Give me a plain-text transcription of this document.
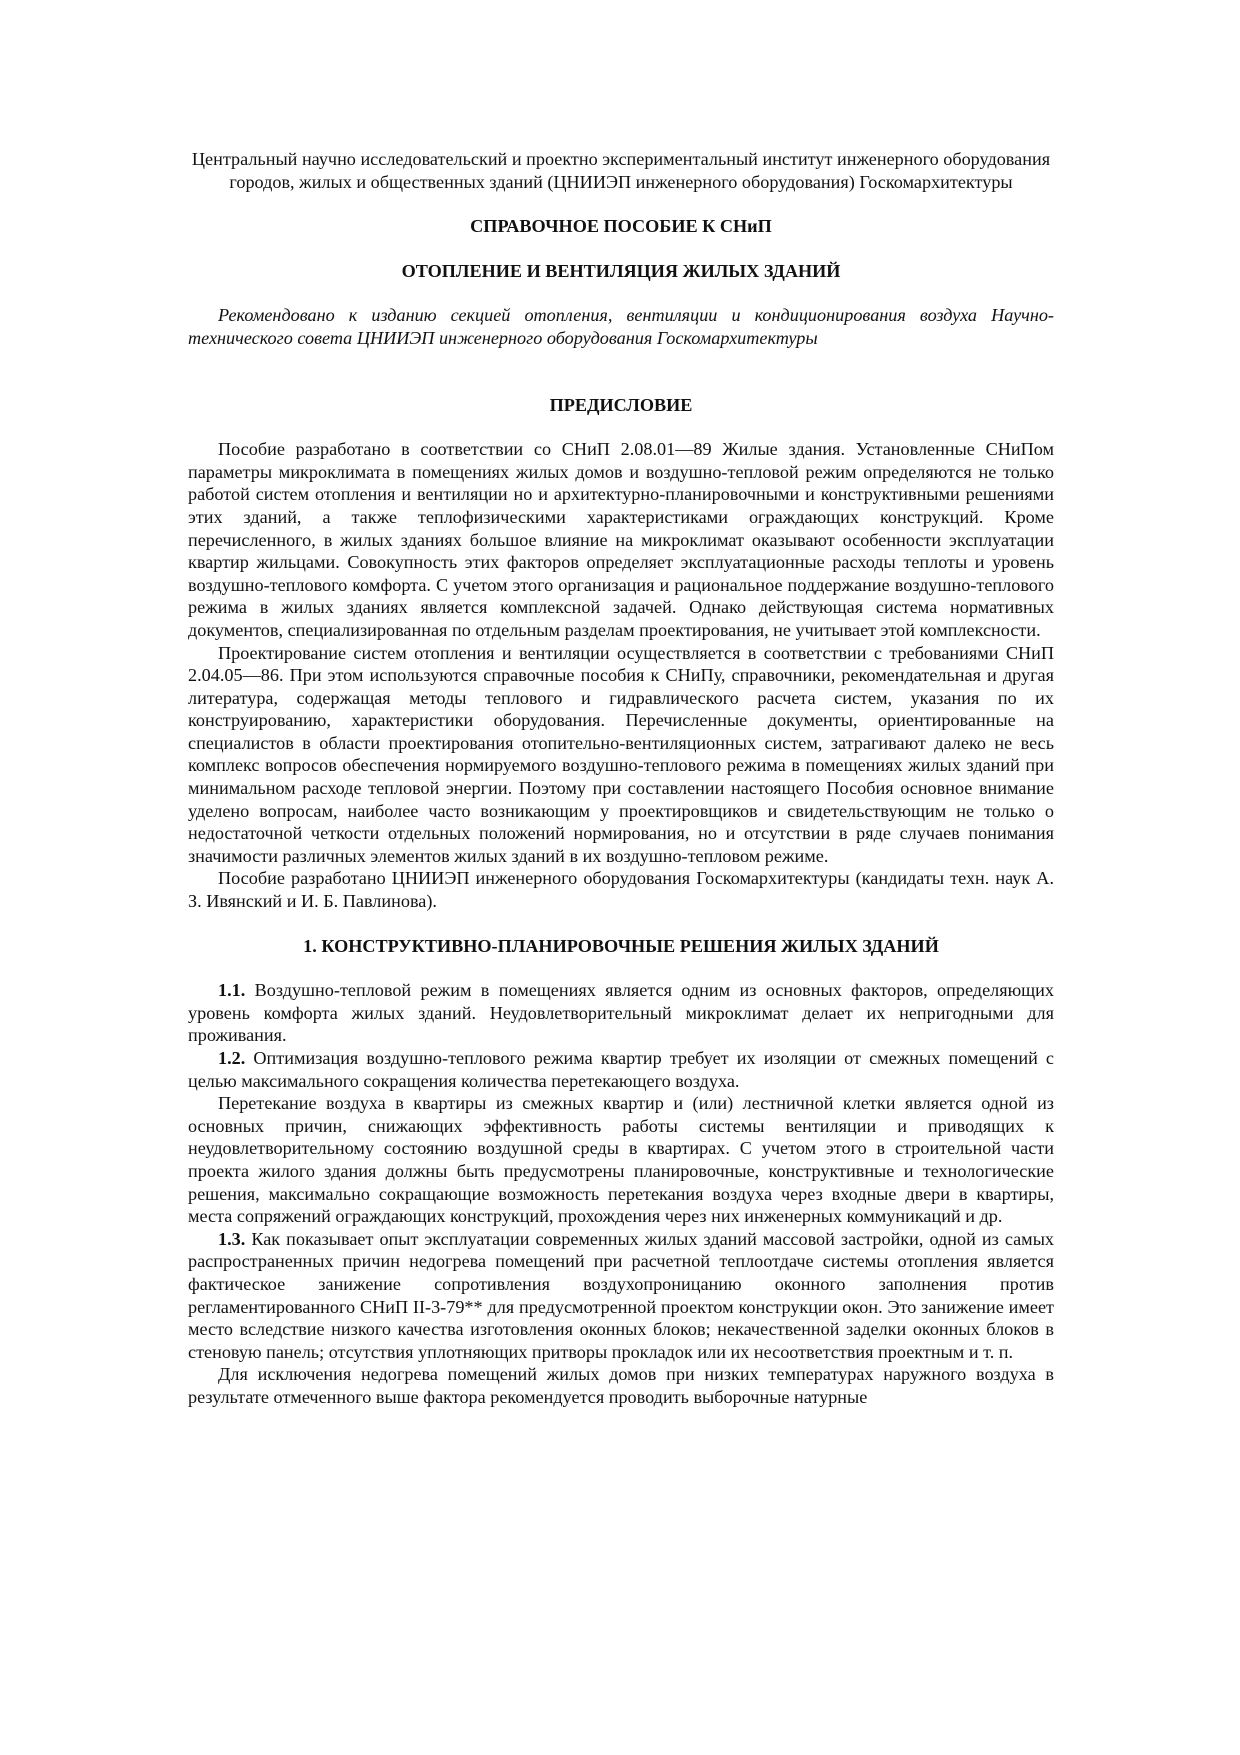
Центральный научно исследовательский и проектно экспериментальный институт инженерного оборудования городов, жилых и общественных зданий (ЦНИИЭП инженерного оборудования) Госкомархитектуры

СПРАВОЧНОЕ ПОСОБИЕ К СНиП

ОТОПЛЕНИЕ И ВЕНТИЛЯЦИЯ ЖИЛЫХ ЗДАНИЙ

Рекомендовано к изданию секцией отопления, вентиляции и кондиционирования воздуха Научно-технического совета ЦНИИЭП инженерного оборудования Госкомархитектуры

ПРЕДИСЛОВИЕ

Пособие разработано в соответствии со СНиП 2.08.01—89 Жилые здания. Установленные СНиПом параметры микроклимата в помещениях жилых домов и воздушно-тепловой режим определяются не только работой систем отопления и вентиляции но и архитектурно-планировочными и конструктивными решениями этих зданий, а также теплофизическими характеристиками ограждающих конструкций. Кроме перечисленного, в жилых зданиях большое влияние на микроклимат оказывают особенности эксплуатации квартир жильцами. Совокупность этих факторов определяет эксплуатационные расходы теплоты и уровень воздушно-теплового комфорта. С учетом этого организация и рациональное поддержание воздушно-теплового режима в жилых зданиях является комплексной задачей. Однако действующая система нормативных документов, специализированная по отдельным разделам проектирования, не учитывает этой комплексности.

Проектирование систем отопления и вентиляции осуществляется в соответствии с требованиями СНиП 2.04.05—86. При этом используются справочные пособия к СНиПу, справочники, рекомендательная и другая литература, содержащая методы теплового и гидравлического расчета систем, указания по их конструированию, характеристики оборудования. Перечисленные документы, ориентированные на специалистов в области проектирования отопительно-вентиляционных систем, затрагивают далеко не весь комплекс вопросов обеспечения нормируемого воздушно-теплового режима в помещениях жилых зданий при минимальном расходе тепловой энергии. Поэтому при составлении настоящего Пособия основное внимание уделено вопросам, наиболее часто возникающим у проектировщиков и свидетельствующим не только о недостаточной четкости отдельных положений нормирования, но и отсутствии в ряде случаев понимания значимости различных элементов жилых зданий в их воздушно-тепловом режиме.

Пособие разработано ЦНИИЭП инженерного оборудования Госкомархитектуры (кандидаты техн. наук А. З. Ивянский и И. Б. Павлинова).

1. КОНСТРУКТИВНО-ПЛАНИРОВОЧНЫЕ РЕШЕНИЯ ЖИЛЫХ ЗДАНИЙ

1.1. Воздушно-тепловой режим в помещениях является одним из основных факторов, определяющих уровень комфорта жилых зданий. Неудовлетворительный микроклимат делает их непригодными для проживания.

1.2. Оптимизация воздушно-теплового режима квартир требует их изоляции от смежных помещений с целью максимального сокращения количества перетекающего воздуха.

Перетекание воздуха в квартиры из смежных квартир и (или) лестничной клетки является одной из основных причин, снижающих эффективность работы системы вентиляции и приводящих к неудовлетворительному состоянию воздушной среды в квартирах. С учетом этого в строительной части проекта жилого здания должны быть предусмотрены планировочные, конструктивные и технологические решения, максимально сокращающие возможность перетекания воздуха через входные двери в квартиры, места сопряжений ограждающих конструкций, прохождения через них инженерных коммуникаций и др.

1.3. Как показывает опыт эксплуатации современных жилых зданий массовой застройки, одной из самых распространенных причин недогрева помещений при расчетной теплоотдаче системы отопления является фактическое занижение сопротивления воздухопроницанию оконного заполнения против регламентированного СНиП II-3-79** для предусмотренной проектом конструкции окон. Это занижение имеет место вследствие низкого качества изготовления оконных блоков; некачественной заделки оконных блоков в стеновую панель; отсутствия уплотняющих притворы прокладок или их несоответствия проектным и т. п.

Для исключения недогрева помещений жилых домов при низких температурах наружного воздуха в результате отмеченного выше фактора рекомендуется проводить выборочные натурные
